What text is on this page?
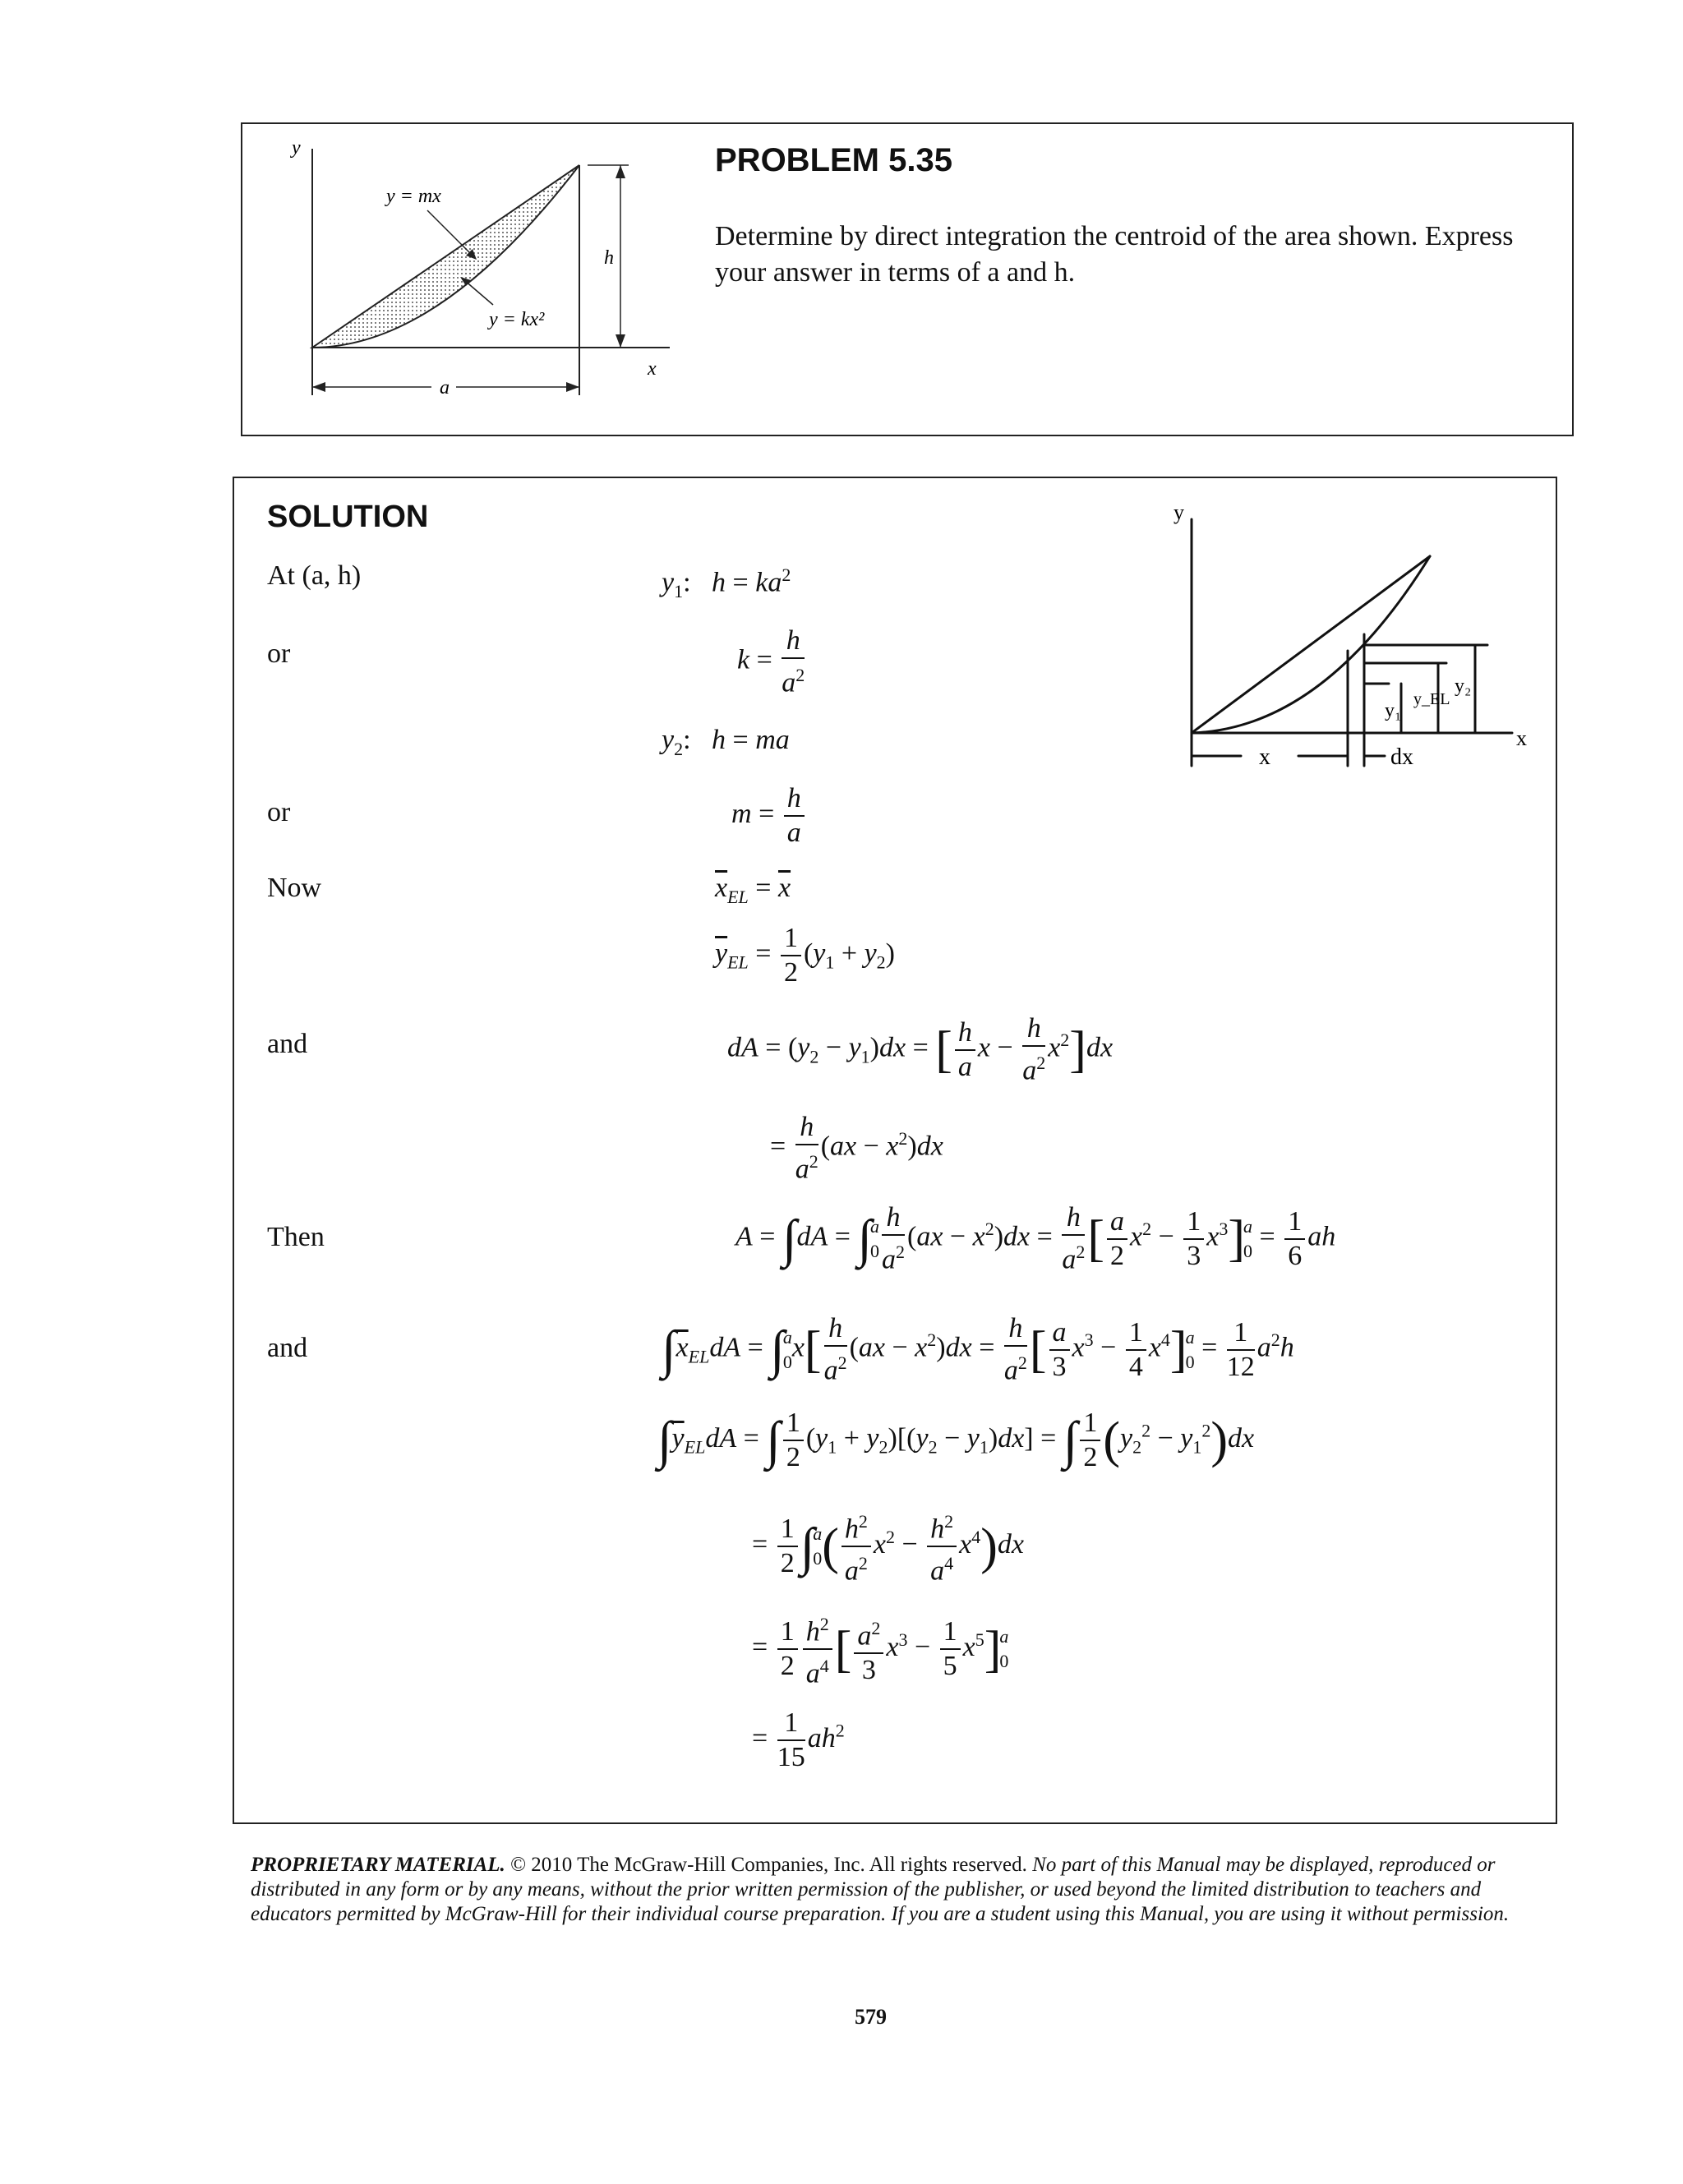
y
x
h
a
y = mx
y = kx²
PROBLEM 5.35
Determine by direct integration the centroid of the area shown. Express your answer in terms of a and h.
SOLUTION
At (a, h)
or
or
Now
and
Then
and
$y_1$:   $h = ka^2$
$k = \frac{h}{a^2}$
$y_2$:   h = ma
$m = \frac{h}{a}$
$\overline{x}_{EL} = \overline{x}$
$\overline{y}_{EL} = \frac{1}{2} (y_1 + y_2)$
dA = $(y_2 - y_1)dx$ = [ $\frac{h}{a}$ $x - \frac{h}{a^2} x^2]dx$
= $\frac{h}{a^2} (ax - x^2)dx$
A = ∫dA = ∫
a
$0 \frac{h}{a^2} (ax - x^2)dx = \frac{h}{a^2}$ [ $\frac{a}{2} x^2 - \frac{1}{3} x^3$]
a
$0 = \frac{1}{6}$ ah
$\int\overline{x}_{EL}dA$ = ∫
a
0 $x[ \frac{h}{a^2} (ax - x^2)dx = \frac{h}{a^2}$ [ $\frac{a}{3} x^3 - \frac{1}{4} x^4$]
a
$0 = \frac{1}{12} a^2h$
$\int\overline{y}_{EL}dA$ = ∫ $\frac{1}{2} (y_1 + y_2)[(y_2 - y_1)dx]$ = ∫ $\frac{1}{2} (y_2^2 - y_1^2)dx$
= $\frac{1}{2}$ ∫
a
0 ( $\frac{h^2}{a^2} x^2 - \frac{h^2}{a^4} x^4)dx$
= $\frac{1}{2} \frac{h^2}{a^4}$ [ $\frac{a^2}{3} x^3 - \frac{1}{5} x^5$]
a
0
= $\frac{1}{15} ah^2$
y
x
x	dx
y₁
y_EL
y₂
PROPRIETARY MATERIAL. © 2010 The McGraw-Hill Companies, Inc. All rights reserved. No part of this Manual may be displayed, reproduced or distributed in any form or by any means, without the prior written permission of the publisher, or used beyond the limited distribution to teachers and educators permitted by McGraw-Hill for their individual course preparation. If you are a student using this Manual, you are using it without permission.
579
